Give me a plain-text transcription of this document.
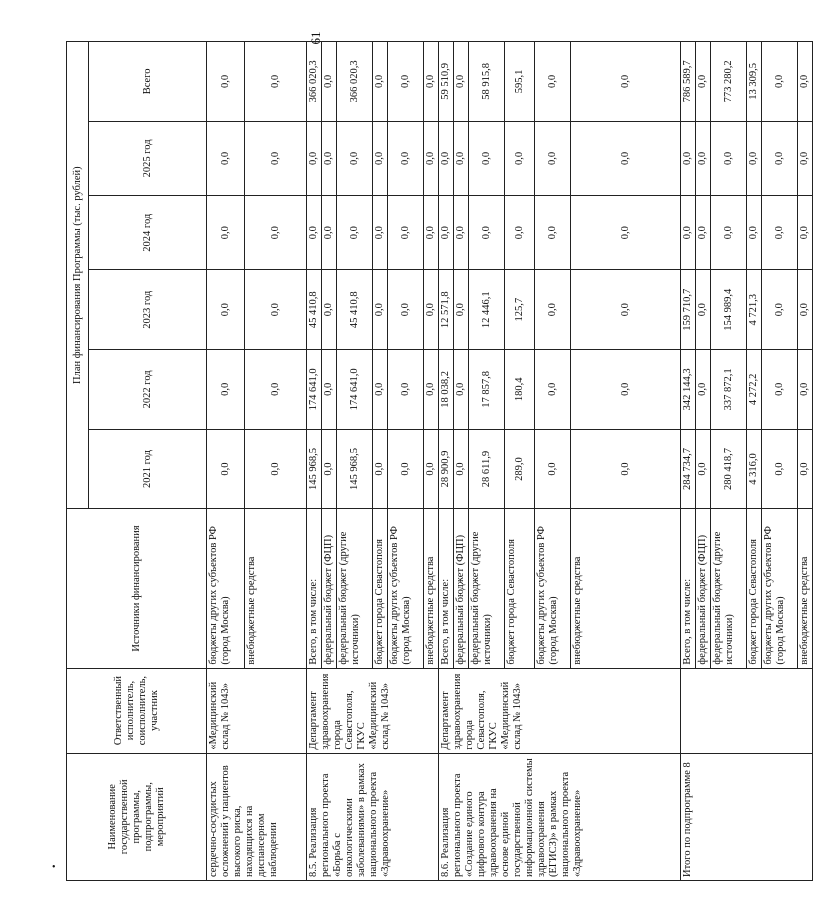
61
•
Наименование государственной программы, подпрограммы, мероприятий	Ответственный исполнитель, соисполнитель, участник	Источники финансирования	План финансирования Программы (тыс. рублей)					
			2021 год	2022 год	2023 год	2024 год	2025 год	Всего
сердечно-сосудистых осложнений у пациентов высокого риска, находящихся на диспансерном наблюдении	«Медицинский склад № 1043»	бюджеты других субъектов РФ (город Москва)	0,0	0,0	0,0	0,0	0,0	0,0
		внебюджетные средства	0,0	0,0	0,0	0,0	0,0	0,0
8.5. Реализация регионального проекта «Борьба с онкологическими заболеваниями» в рамках национального проекта «Здравоохранение»	Департамент здравоохранения города Севастополя, ГКУС «Медицинский склад № 1043»	Всего, в том числе:	145 968,5	174 641,0	45 410,8	0,0	0,0	366 020,3
		федеральный бюджет (ФЦП)	0,0	0,0	0,0	0,0	0,0	0,0
		федеральный бюджет (другие источники)	145 968,5	174 641,0	45 410,8	0,0	0,0	366 020,3
		бюджет города Севастополя	0,0	0,0	0,0	0,0	0,0	0,0
		бюджеты других субъектов РФ (город Москва)	0,0	0,0	0,0	0,0	0,0	0,0
		внебюджетные средства	0,0	0,0	0,0	0,0	0,0	0,0
8.6. Реализация регионального проекта «Создание единого цифрового контура здравоохранения на основе единой государственной информационной системы здравоохранения (ЕГИСЗ)» в рамках национального проекта «Здравоохранение»	Департамент здравоохранения города Севастополя, ГКУС «Медицинский склад № 1043»	Всего, в том числе:	28 900,9	18 038,2	12 571,8	0,0	0,0	59 510,9
		федеральный бюджет (ФЦП)	0,0	0,0	0,0	0,0	0,0	0,0
		федеральный бюджет (другие источники)	28 611,9	17 857,8	12 446,1	0,0	0,0	58 915,8
		бюджет города Севастополя	289,0	180,4	125,7	0,0	0,0	595,1
		бюджеты других субъектов РФ (город Москва)	0,0	0,0	0,0	0,0	0,0	0,0
		внебюджетные средства	0,0	0,0	0,0	0,0	0,0	0,0
Итого по подпрограмме 8		Всего, в том числе:	284 734,7	342 144,3	159 710,7	0,0	0,0	786 589,7
		федеральный бюджет (ФЦП)	0,0	0,0	0,0	0,0	0,0	0,0
		федеральный бюджет (другие источники)	280 418,7	337 872,1	154 989,4	0,0	0,0	773 280,2
		бюджет города Севастополя	4 316,0	4 272,2	4 721,3	0,0	0,0	13 309,5
		бюджеты других субъектов РФ (город Москва)	0,0	0,0	0,0	0,0	0,0	0,0
		внебюджетные средства	0,0	0,0	0,0	0,0	0,0	0,0
